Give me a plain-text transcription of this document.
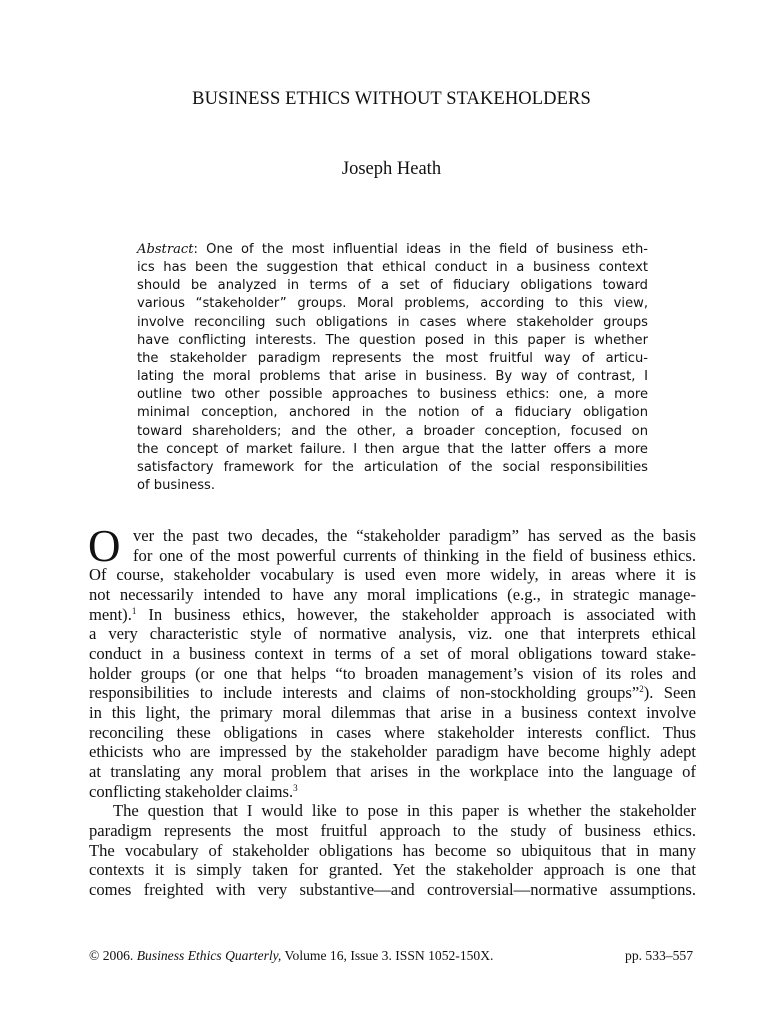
BUSINESS ETHICS WITHOUT STAKEHOLDERS
Joseph Heath
Abstract: One of the most influential ideas in the field of business eth-
ics has been the suggestion that ethical conduct in a business context
should be analyzed in terms of a set of fiduciary obligations toward
various “stakeholder” groups. Moral problems, according to this view,
involve reconciling such obligations in cases where stakeholder groups
have conflicting interests. The question posed in this paper is whether
the stakeholder paradigm represents the most fruitful way of articu-
lating the moral problems that arise in business. By way of contrast, I
outline two other possible approaches to business ethics: one, a more
minimal conception, anchored in the notion of a fiduciary obligation
toward shareholders; and the other, a broader conception, focused on
the concept of market failure. I then argue that the latter offers a more
satisfactory framework for the articulation of the social responsibilities
of business.
O ver the past two decades, the “stakeholder paradigm” has served as the basis
for one of the most powerful currents of thinking in the field of business ethics.
Of course, stakeholder vocabulary is used even more widely, in areas where it is
not necessarily intended to have any moral implications (e.g., in strategic manage-
ment).$^1$ In business ethics, however, the stakeholder approach is associated with
a very characteristic style of normative analysis, viz. one that interprets ethical
conduct in a business context in terms of a set of moral obligations toward stake-
holder groups (or one that helps “to broaden management’s vision of its roles and
responsibilities to include interests and claims of non-stockholding groups”$^2$). Seen
in this light, the primary moral dilemmas that arise in a business context involve
reconciling these obligations in cases where stakeholder interests conflict. Thus
ethicists who are impressed by the stakeholder paradigm have become highly adept
at translating any moral problem that arises in the workplace into the language of
conflicting stakeholder claims.$^3$
The question that I would like to pose in this paper is whether the stakeholder
paradigm represents the most fruitful approach to the study of business ethics.
The vocabulary of stakeholder obligations has become so ubiquitous that in many
contexts it is simply taken for granted. Yet the stakeholder approach is one that
comes freighted with very substantive—and controversial—normative assumptions.
© 2006. Business Ethics Quarterly, Volume 16, Issue 3. ISSN 1052-150X.	pp. 533–557
